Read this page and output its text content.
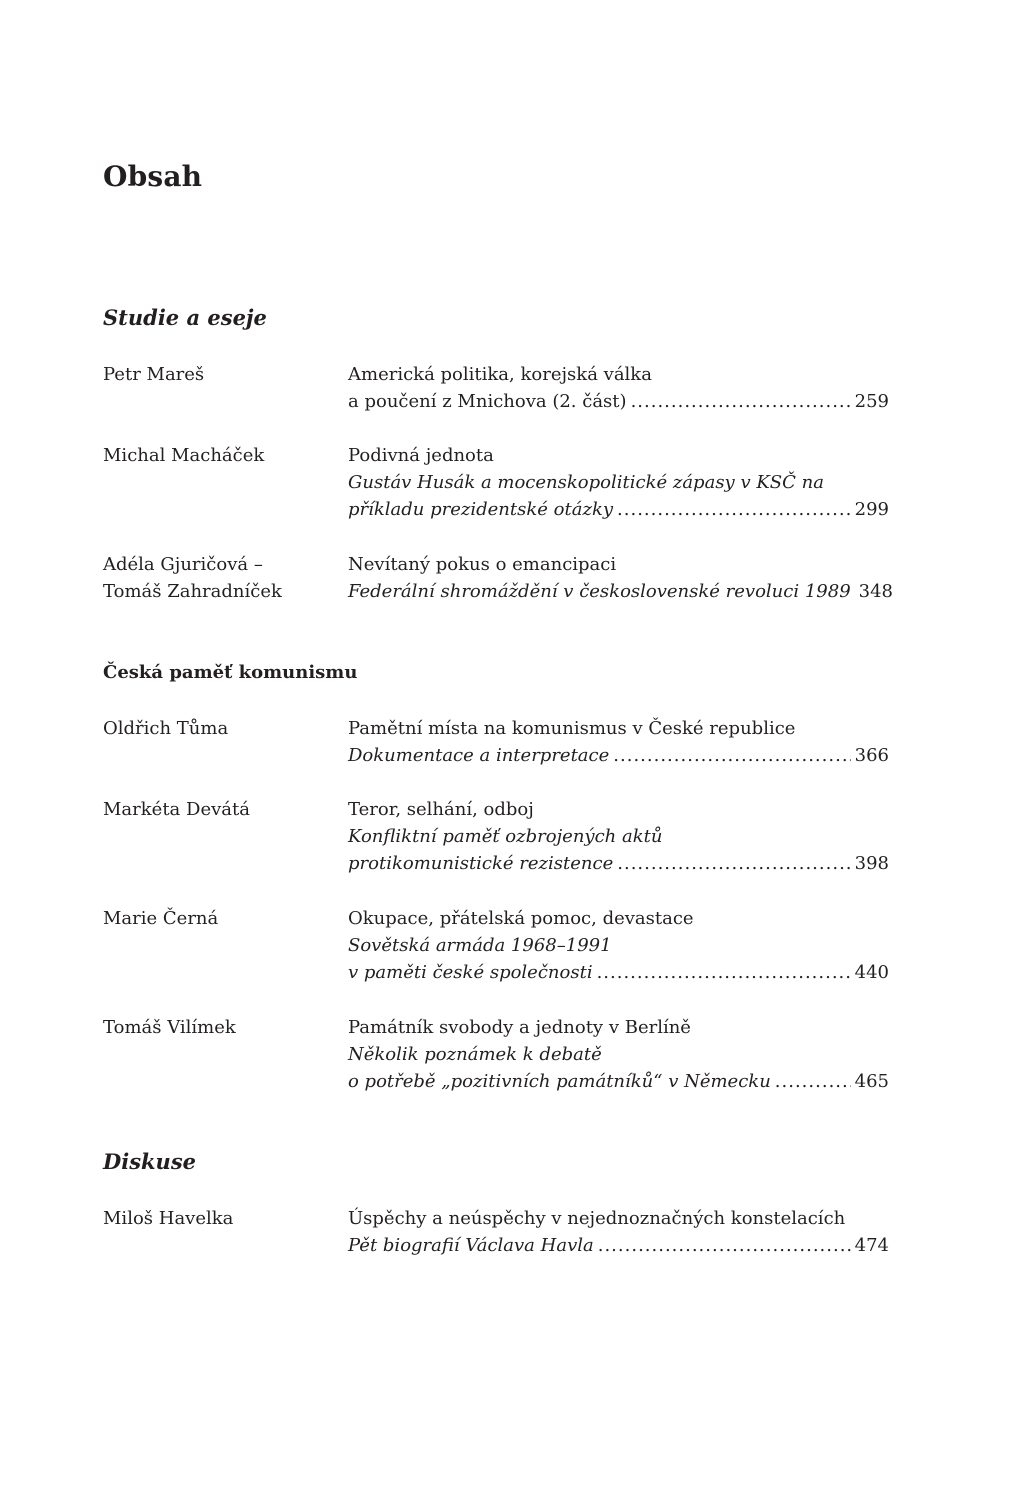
Obsah
Studie a eseje
Petr Mareš	Americká politika, korejská válka
a poučení z Mnichova (2. část) .....	259
Michal Macháček	Podivná jednota
Gustáv Husák a mocenskopolitické zápasy v KSČ na
příkladu prezidentské otázky .....	299
Adéla Gjuričová –
Tomáš Zahradníček
Nevítaný pokus o emancipaci
Federální shromáždění v československé revoluci 1989 348
Česká paměť komunismu
Oldřich Tůma	Pamětní místa na komunismus v České republice
Dokumentace a interpretace .....	366
Markéta Devátá	Teror, selhání, odboj
Konfliktní paměť ozbrojených aktů
protikomunistické rezistence .....	398
Marie Černá	Okupace, přátelská pomoc, devastace
Sovětská armáda 1968–1991
v paměti české společnosti .....	440
Tomáš Vilímek	Památník svobody a jednoty v Berlíně
Několik poznámek k debatě
o potřebě „pozitivních památníků“ v Německu .....	465
Diskuse
Miloš Havelka	Úspěchy a neúspěchy v nejednoznačných konstelacích
Pět biografií Václava Havla .....	474
